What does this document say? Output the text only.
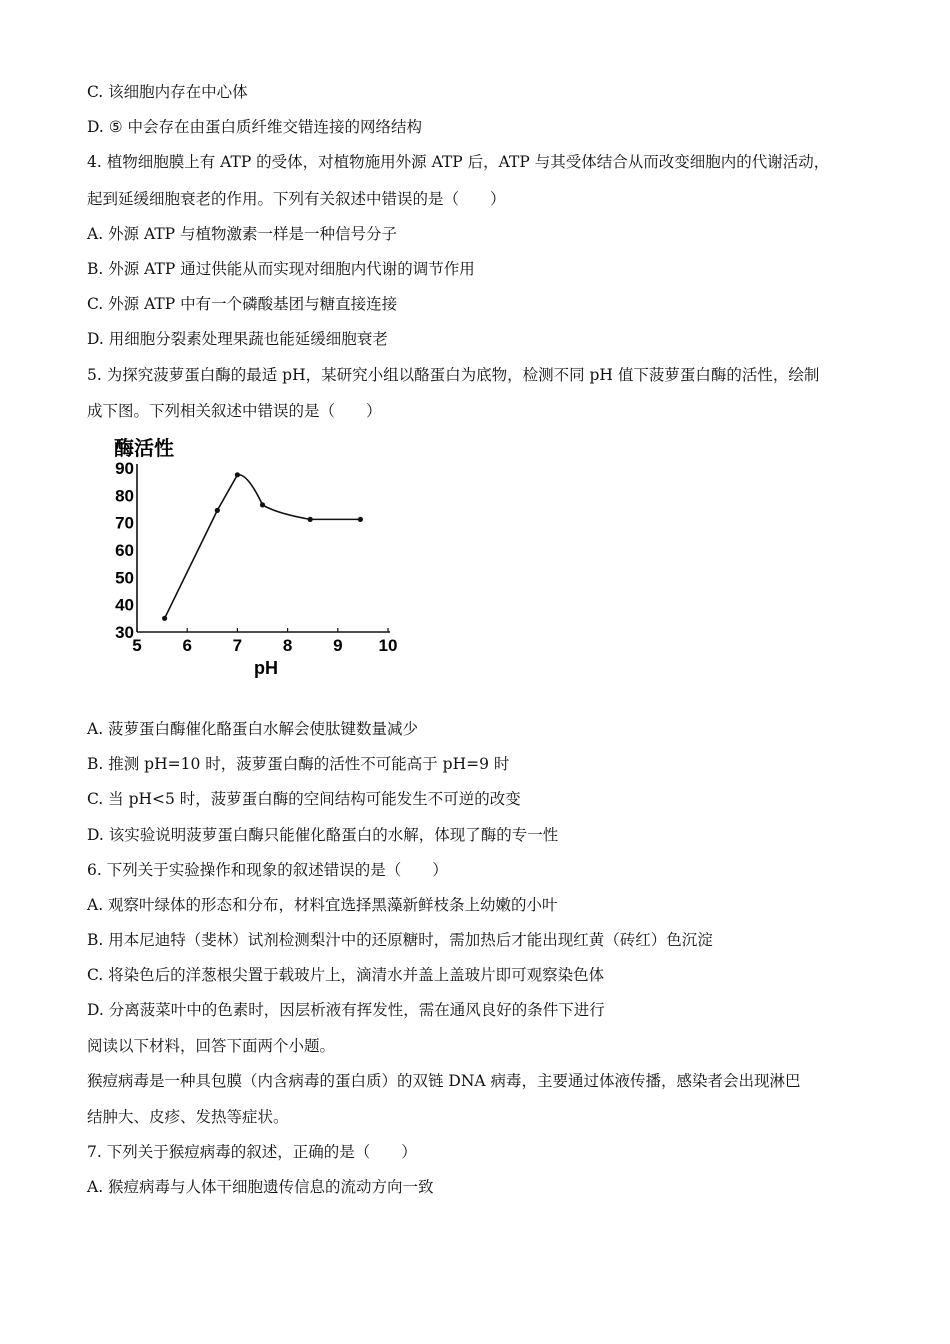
C. 该细胞内存在中心体
D. ⑤ 中会存在由蛋白质纤维交错连接的网络结构
4. 植物细胞膜上有 ATP 的受体，对植物施用外源 ATP 后，ATP 与其受体结合从而改变细胞内的代谢活动，
起到延缓细胞衰老的作用。下列有关叙述中错误的是（　　）
A. 外源 ATP 与植物激素一样是一种信号分子
B. 外源 ATP 通过供能从而实现对细胞内代谢的调节作用
C. 外源 ATP 中有一个磷酸基团与糖直接连接
D. 用细胞分裂素处理果蔬也能延缓细胞衰老
5. 为探究菠萝蛋白酶的最适 pH，某研究小组以酪蛋白为底物，检测不同 pH 值下菠萝蛋白酶的活性，绘制
成下图。下列相关叙述中错误的是（　　）
酶活性
90
80
70
60
50
40
30
5 6 7 8 9 10
pH
A. 菠萝蛋白酶催化酪蛋白水解会使肽键数量减少
B. 推测 pH=10 时，菠萝蛋白酶的活性不可能高于 pH=9 时
C. 当 pH<5 时，菠萝蛋白酶的空间结构可能发生不可逆的改变
D. 该实验说明菠萝蛋白酶只能催化酪蛋白的水解，体现了酶的专一性
6. 下列关于实验操作和现象的叙述错误的是（　　）
A. 观察叶绿体的形态和分布，材料宜选择黑藻新鲜枝条上幼嫩的小叶
B. 用本尼迪特（斐林）试剂检测梨汁中的还原糖时，需加热后才能出现红黄（砖红）色沉淀
C. 将染色后的洋葱根尖置于载玻片上，滴清水并盖上盖玻片即可观察染色体
D. 分离菠菜叶中的色素时，因层析液有挥发性，需在通风良好的条件下进行
阅读以下材料，回答下面两个小题。
猴痘病毒是一种具包膜（内含病毒的蛋白质）的双链 DNA 病毒，主要通过体液传播，感染者会出现淋巴
结肿大、皮疹、发热等症状。
7. 下列关于猴痘病毒的叙述，正确的是（　　）
A. 猴痘病毒与人体干细胞遗传信息的流动方向一致
